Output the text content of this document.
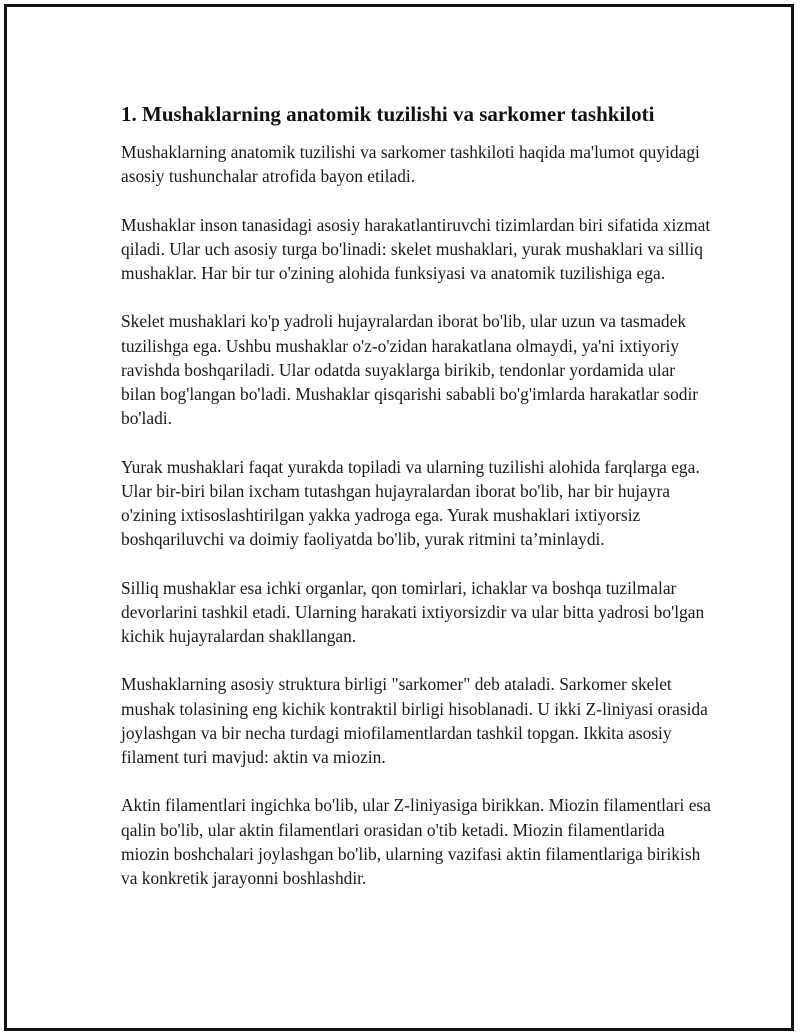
1. Mushaklarning anatomik tuzilishi va sarkomer tashkiloti

Mushaklarning anatomik tuzilishi va sarkomer tashkiloti haqida ma'lumot quyidagi asosiy tushunchalar atrofida bayon etiladi.

Mushaklar inson tanasidagi asosiy harakatlantiruvchi tizimlardan biri sifatida xizmat qiladi. Ular uch asosiy turga bo'linadi: skelet mushaklari, yurak mushaklari va silliq mushaklar. Har bir tur o'zining alohida funksiyasi va anatomik tuzilishiga ega.

Skelet mushaklari ko'p yadroli hujayralardan iborat bo'lib, ular uzun va tasmadek tuzilishga ega. Ushbu mushaklar o'z-o'zidan harakatlana olmaydi, ya'ni ixtiyoriy ravishda boshqariladi. Ular odatda suyaklarga birikib, tendonlar yordamida ular bilan bog'langan bo'ladi. Mushaklar qisqarishi sababli bo'g'imlarda harakatlar sodir bo'ladi.

Yurak mushaklari faqat yurakda topiladi va ularning tuzilishi alohida farqlarga ega. Ular bir-biri bilan ixcham tutashgan hujayralardan iborat bo'lib, har bir hujayra o'zining ixtisoslashtirilgan yakka yadroga ega. Yurak mushaklari ixtiyorsiz boshqariluvchi va doimiy faoliyatda bo'lib, yurak ritmini ta’minlaydi.

Silliq mushaklar esa ichki organlar, qon tomirlari, ichaklar va boshqa tuzilmalar devorlarini tashkil etadi. Ularning harakati ixtiyorsizdir va ular bitta yadrosi bo'lgan kichik hujayralardan shakllangan.

Mushaklarning asosiy struktura birligi "sarkomer" deb ataladi. Sarkomer skelet mushak tolasining eng kichik kontraktil birligi hisoblanadi. U ikki Z-liniyasi orasida joylashgan va bir necha turdagi miofilamentlardan tashkil topgan. Ikkita asosiy filament turi mavjud: aktin va miozin.

Aktin filamentlari ingichka bo'lib, ular Z-liniyasiga birikkan. Miozin filamentlari esa qalin bo'lib, ular aktin filamentlari orasidan o'tib ketadi. Miozin filamentlarida miozin boshchalari joylashgan bo'lib, ularning vazifasi aktin filamentlariga birikish va konkretik jarayonni boshlashdir.
